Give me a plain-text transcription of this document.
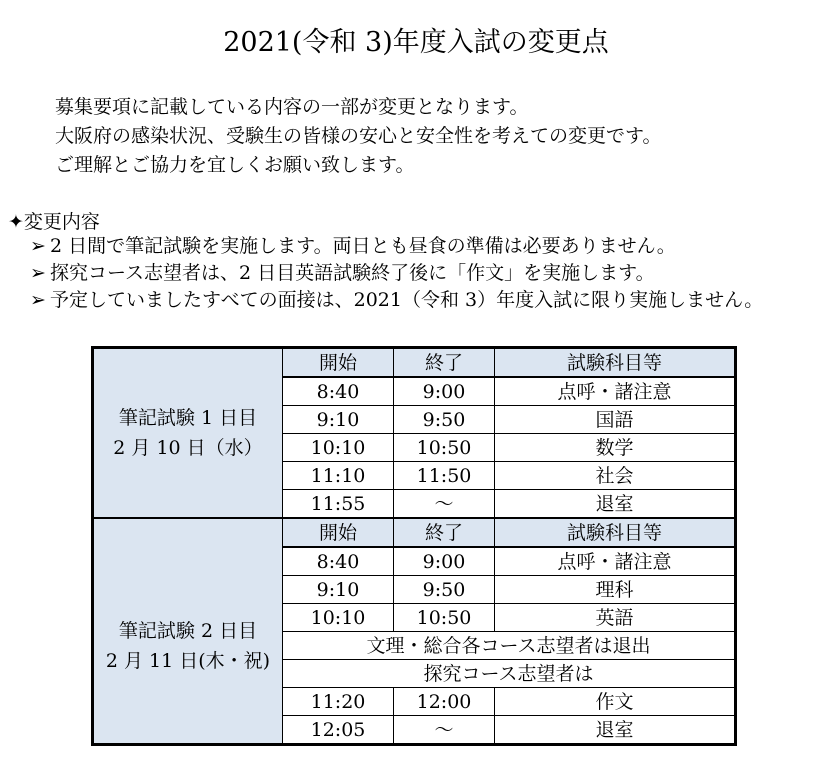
2021(令和 3)年度入試の変更点
募集要項に記載している内容の一部が変更となります。
大阪府の感染状況、受験生の皆様の安心と安全性を考えての変更です。
ご理解とご協力を宜しくお願い致します。
✦変更内容
➢ 2 日間で筆記試験を実施します。両日とも昼食の準備は必要ありません。
➢ 探究コース志望者は、2 日目英語試験終了後に「作文」を実施します。
➢ 予定していましたすべての面接は、2021（令和 3）年度入試に限り実施しません。
筆記試験 1 日目
2 月 10 日（水）	開始	終了	試験科目等
	8:40	9:00	点呼・諸注意
	9:10	9:50	国語
	10:10	10:50	数学
	11:10	11:50	社会
	11:55	～	退室

筆記試験 2 日目
2 月 11 日(木・祝)	開始	終了	試験科目等
	8:40	9:00	点呼・諸注意
	9:10	9:50	理科
	10:10	10:50	英語
	文理・総合各コース志望者は退出		
	探究コース志望者は		
	11:20	12:00	作文
	12:05	～	退室
